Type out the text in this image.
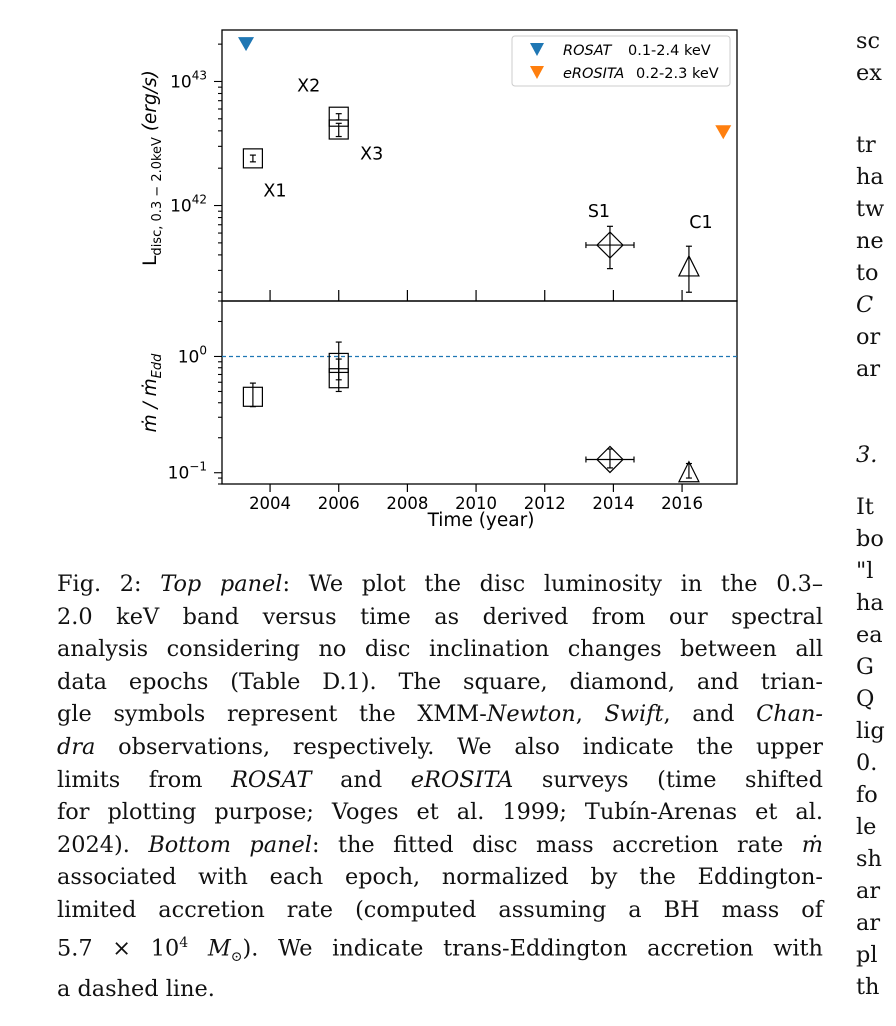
$L_{disc, 0.3 - 2.0keV}$ (erg/s)
ṁ / ṁ$_{Edd}$
Time (year)
$10^{42}$
$10^{43}$
X1
X2
X3
S1
C1
2004 2006 2008 2010 2012 2014 2016
$10^{-1}$
$10^0$
ROSAT 0.1-2.4 keV
eROSITA 0.2-2.3 keV
Fig. 2: Top panel: We plot the disc luminosity in the 0.3–
2.0 keV band versus time as derived from our spectral
analysis considering no disc inclination changes between all
data epochs (Table D.1). The square, diamond, and trian-
gle symbols represent the XMM-Newton, Swift, and Chan-
dra observations, respectively. We also indicate the upper
limits from ROSAT and eROSITA surveys (time shifted
for plotting purpose; Voges et al. 1999; Tubín-Arenas et al.
2024). Bottom panel: the fitted disc mass accretion rate ṁ
associated with each epoch, normalized by the Eddington-
limited accretion rate (computed assuming a BH mass of
$5.7 \times 10^4$ $M_⊙$). We indicate trans-Eddington accretion with
a dashed line.
sc
ex
tr
ha
tw
ne
to
C
or
ar
3.
It
bo
"l
ha
ea
G
Q
lig
0.
fo
le
sh
ar
ar
pl
th
